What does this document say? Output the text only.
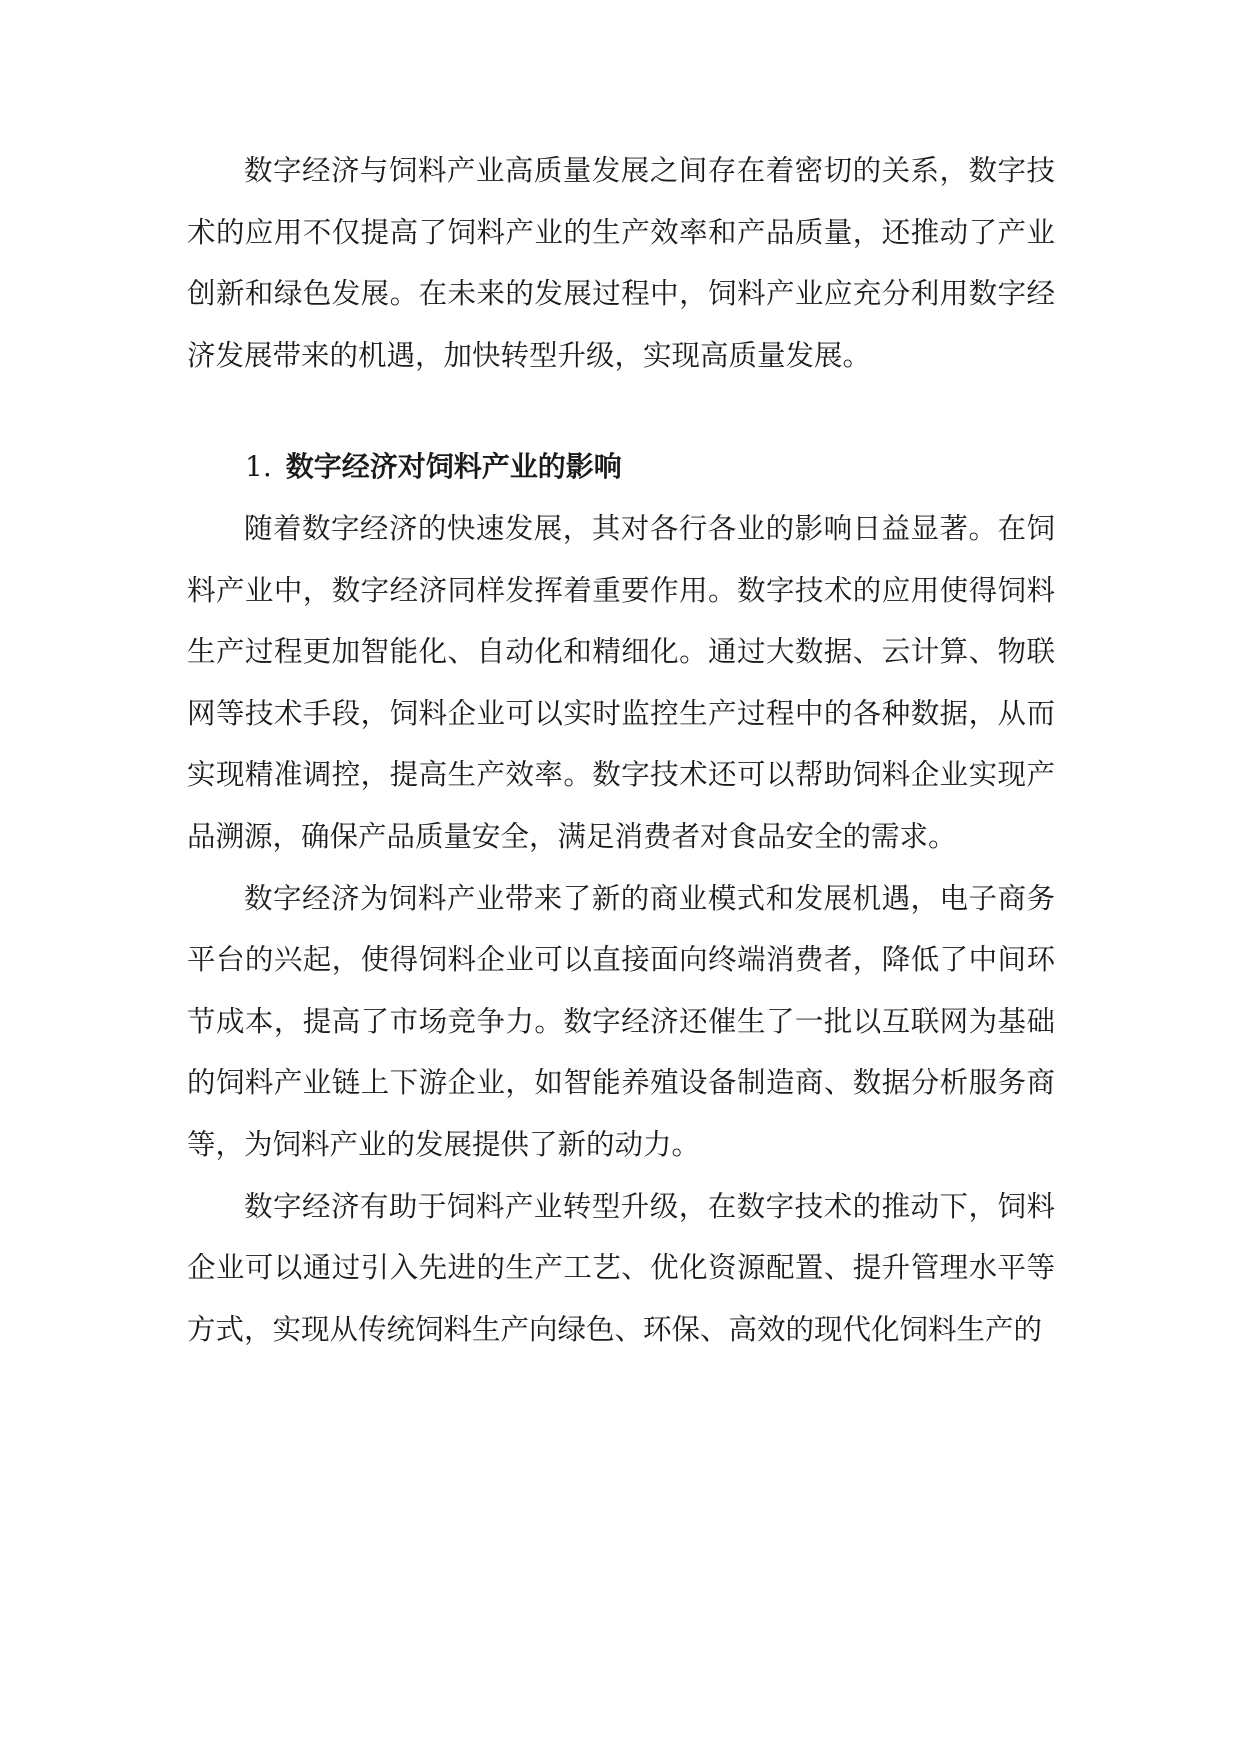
数字经济与饲料产业高质量发展之间存在着密切的关系，数字技术的应用不仅提高了饲料产业的生产效率和产品质量，还推动了产业创新和绿色发展。在未来的发展过程中，饲料产业应充分利用数字经济发展带来的机遇，加快转型升级，实现高质量发展。

1. 数字经济对饲料产业的影响

随着数字经济的快速发展，其对各行各业的影响日益显著。在饲料产业中，数字经济同样发挥着重要作用。数字技术的应用使得饲料生产过程更加智能化、自动化和精细化。通过大数据、云计算、物联网等技术手段，饲料企业可以实时监控生产过程中的各种数据，从而实现精准调控，提高生产效率。数字技术还可以帮助饲料企业实现产品溯源，确保产品质量安全，满足消费者对食品安全的需求。

数字经济为饲料产业带来了新的商业模式和发展机遇，电子商务平台的兴起，使得饲料企业可以直接面向终端消费者，降低了中间环节成本，提高了市场竞争力。数字经济还催生了一批以互联网为基础的饲料产业链上下游企业，如智能养殖设备制造商、数据分析服务商等，为饲料产业的发展提供了新的动力。

数字经济有助于饲料产业转型升级，在数字技术的推动下，饲料企业可以通过引入先进的生产工艺、优化资源配置、提升管理水平等方式，实现从传统饲料生产向绿色、环保、高效的现代化饲料生产的
